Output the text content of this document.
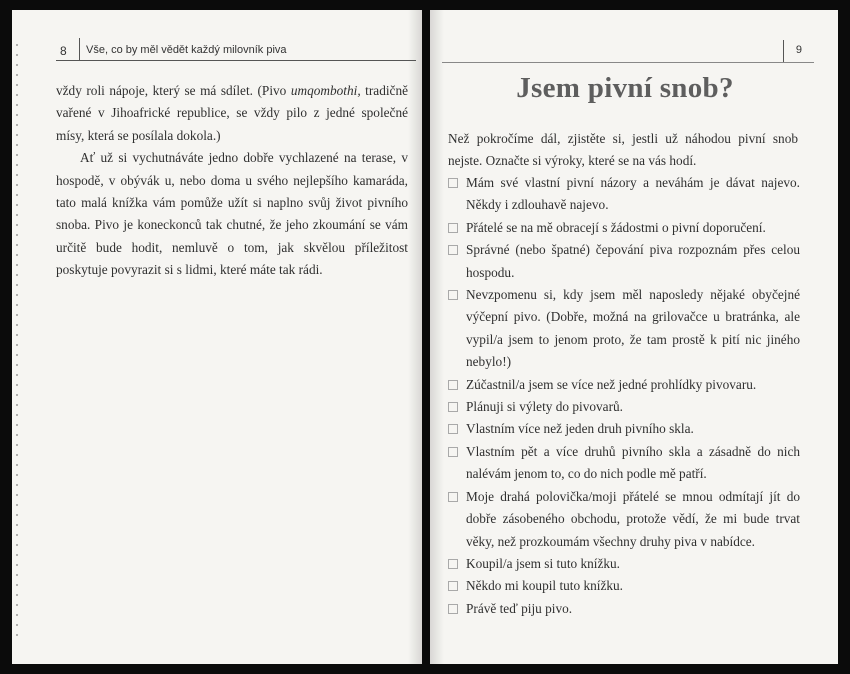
8 Vše, co by měl vědět každý milovník piva

vždy roli nápoje, který se má sdílet. (Pivo umqombothi, tradičně vařené v Jihoafrické republice, se vždy pilo z jedné společné mísy, která se posílala dokola.)

Ať už si vychutnáváte jedno dobře vychlazené na terase, v hospodě, v obývák u, nebo doma u svého nejlepšího kamaráda, tato malá knížka vám pomůže užít si naplno svůj život pivního snoba. Pivo je koneckonců tak chutné, že jeho zkoumání se vám určitě bude hodit, nemluvě o tom, jak skvělou příležitost poskytuje povyrazit si s lidmi, které máte tak rádi.

9
Jsem pivní snob?

Než pokročíme dál, zjistěte si, jestli už náhodou pivní snob nejste. Označte si výroky, které se na vás hodí.

Mám své vlastní pivní názory a neváhám je dávat najevo. Někdy i zdlouhavě najevo.
Přátelé se na mě obracejí s žádostmi o pivní doporučení.
Správné (nebo špatné) čepování piva rozpoznám přes celou hospodu.
Nevzpomenu si, kdy jsem měl naposledy nějaké obyčejné výčepní pivo. (Dobře, možná na grilovačce u bratránka, ale vypil/a jsem to jenom proto, že tam prostě k pití nic jiného nebylo!)
Zúčastnil/a jsem se více než jedné prohlídky pivovaru.
Plánuji si výlety do pivovarů.
Vlastním více než jeden druh pivního skla.
Vlastním pět a více druhů pivního skla a zásadně do nich nalévám jenom to, co do nich podle mě patří.
Moje drahá polovička/moji přátelé se mnou odmítají jít do dobře zásobeného obchodu, protože vědí, že mi bude trvat věky, než prozkoumám všechny druhy piva v nabídce.
Koupil/a jsem si tuto knížku.
Někdo mi koupil tuto knížku.
Právě teď piju pivo.
